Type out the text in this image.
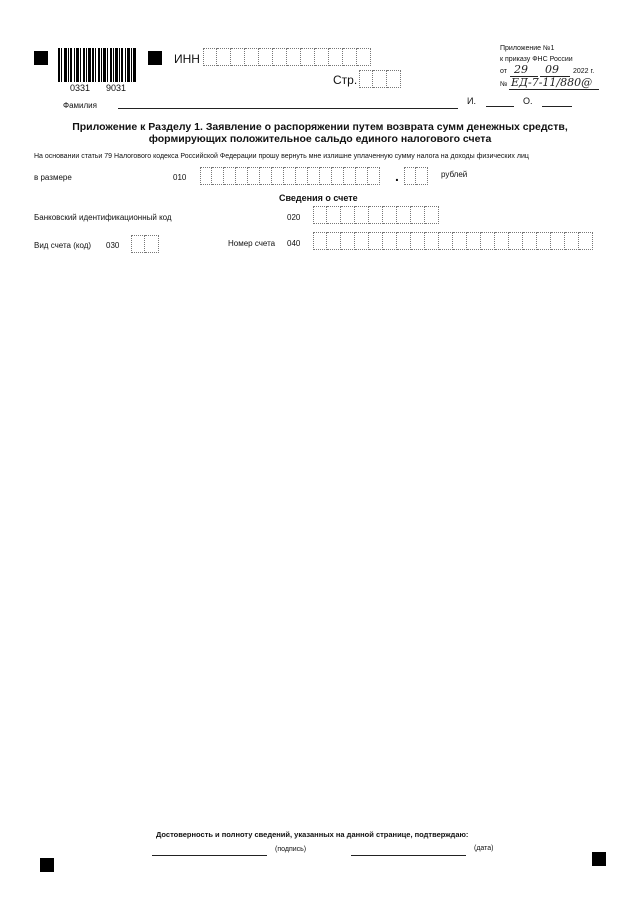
0331 9031
ИНН
Стр.
Приложение №1
к приказу ФНС России
от 29 09 2022 г.
№ ЕД-7-11/880@
Фамилия	И.	О.
Приложение к Разделу 1. Заявление о распоряжении путем возврата сумм денежных средств,
формирующих положительное сальдо единого налогового счета
На основании статьи 79 Налогового кодекса Российской Федерации прошу вернуть мне излишне уплаченную сумму налога на доходы физических лиц
в размере	010	.	рублей
Сведения о счете
Банковский идентификационный код	020
Вид счета (код) 030	Номер счета 040
Достоверность и полноту сведений, указанных на данной странице, подтверждаю:
(подпись)	(дата)
